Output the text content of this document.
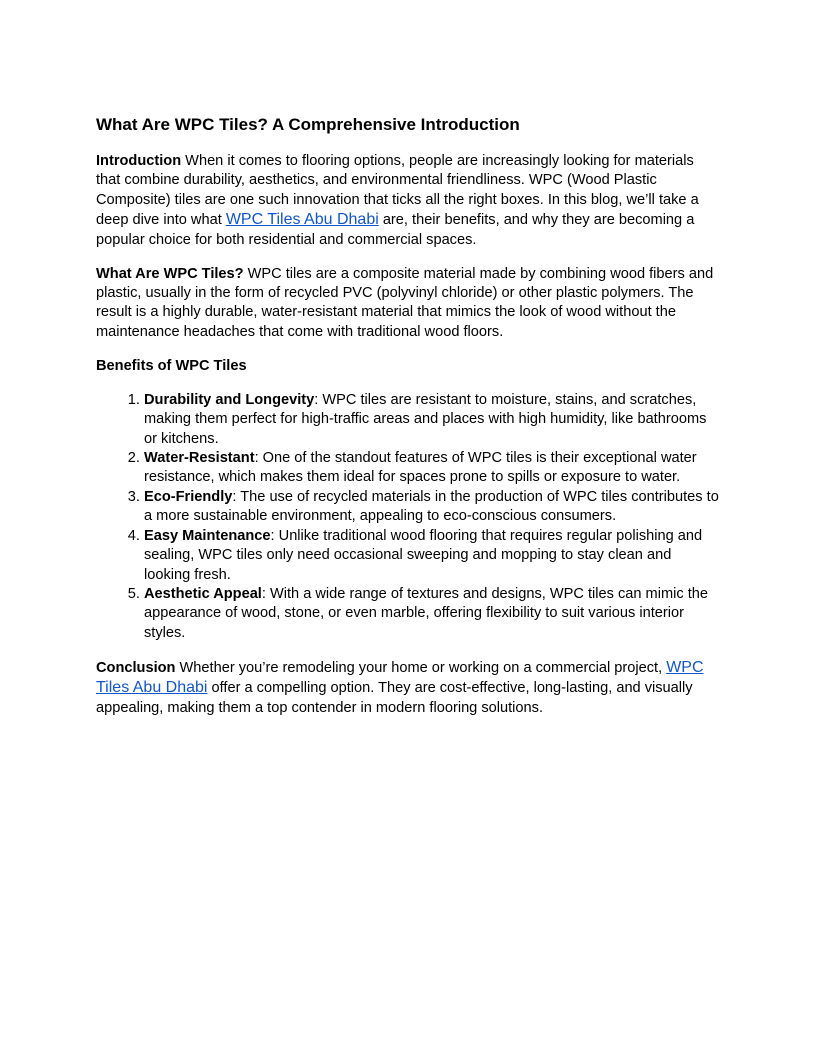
What Are WPC Tiles? A Comprehensive Introduction

Introduction When it comes to flooring options, people are increasingly looking for materials that combine durability, aesthetics, and environmental friendliness. WPC (Wood Plastic Composite) tiles are one such innovation that ticks all the right boxes. In this blog, we’ll take a deep dive into what WPC Tiles Abu Dhabi are, their benefits, and why they are becoming a popular choice for both residential and commercial spaces.

What Are WPC Tiles? WPC tiles are a composite material made by combining wood fibers and plastic, usually in the form of recycled PVC (polyvinyl chloride) or other plastic polymers. The result is a highly durable, water-resistant material that mimics the look of wood without the maintenance headaches that come with traditional wood floors.

Benefits of WPC Tiles
1. Durability and Longevity: WPC tiles are resistant to moisture, stains, and scratches, making them perfect for high-traffic areas and places with high humidity, like bathrooms or kitchens.
2. Water-Resistant: One of the standout features of WPC tiles is their exceptional water resistance, which makes them ideal for spaces prone to spills or exposure to water.
3. Eco-Friendly: The use of recycled materials in the production of WPC tiles contributes to a more sustainable environment, appealing to eco-conscious consumers.
4. Easy Maintenance: Unlike traditional wood flooring that requires regular polishing and sealing, WPC tiles only need occasional sweeping and mopping to stay clean and looking fresh.
5. Aesthetic Appeal: With a wide range of textures and designs, WPC tiles can mimic the appearance of wood, stone, or even marble, offering flexibility to suit various interior styles.

Conclusion Whether you’re remodeling your home or working on a commercial project, WPC Tiles Abu Dhabi offer a compelling option. They are cost-effective, long-lasting, and visually appealing, making them a top contender in modern flooring solutions.
